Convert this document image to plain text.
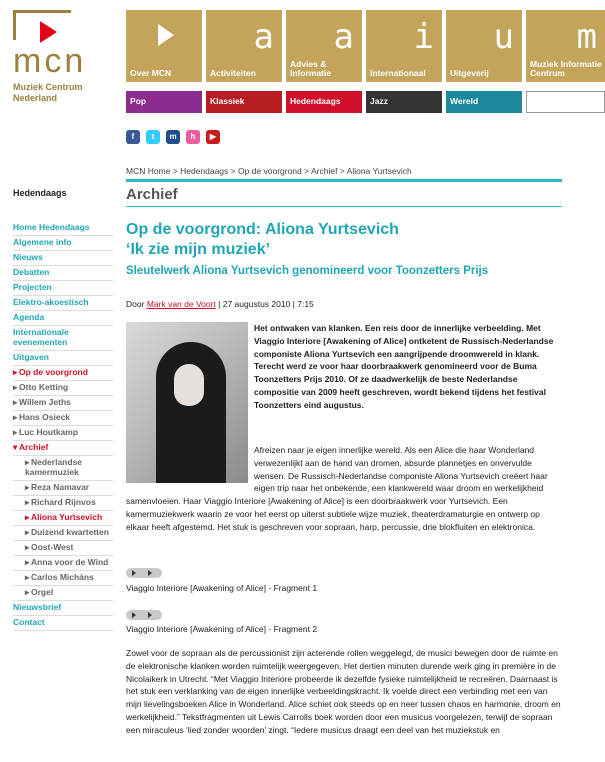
mcn
Muziek Centrum
Nederland
Over MCN
a
Activiteiten
a
Advies & Informatie
i
Internationaal
u
Uitgeverij
m
Muziek Informatie Centrum
Pop	Klassiek	Hedendaags	Jazz	Wereld
f	t	m	h	▶
MCN Home > Hedendaags > Op de voorgrond > Archief > Aliona Yurtsevich
Archief
Hedendaags
Home Hedendaags
Algemene info
Nieuws
Debatten
Projecten
Elektro-akoestisch
Agenda
Internationale evenementen
Uitgaven
▸ Op de voorgrond
▸ Otto Ketting
▸ Willem Jeths
▸ Hans Osieck
▸ Luc Houtkamp
▾ Archief
▸ Nederlandse kamermuziek
▸ Reza Namavar
▸ Richard Rijnvos
▸ Aliona Yurtsevich
▸ Duizend kwartetten
▸ Oost-West
▸ Anna voor de Wind
▸ Carlos Micháns
▸ Orgel
Nieuwsbrief
Contact
Op de voorgrond: Aliona Yurtsevich
‘Ik zie mijn muziek’
Sleutelwerk Aliona Yurtsevich genomineerd voor Toonzetters Prijs
Door Mark van de Voort | 27 augustus 2010 | 7:15
Het ontwaken van klanken. Een reis door de innerlijke verbeelding. Met Viaggio Interiore [Awakening of Alice] ontketent de Russisch-Nederlandse componiste Aliona Yurtsevich een aangrijpende droomwereld in klank. Terecht werd ze voor haar doorbraakwerk genomineerd voor de Buma Toonzetters Prijs 2010. Of ze daadwerkelijk de beste Nederlandse compositie van 2009 heeft geschreven, wordt bekend tijdens het festival Toonzetters eind augustus.
Afreizen naar je eigen innerlijke wereld. Als een Alice die haar Wonderland verwezenlijkt aan de hand van dromen, absurde plannetjes en onvervulde wensen. De Russisch-Nederlandse componiste Aliona Yurtsevich creëert haar eigen trip naar het onbekende, een klankwereld waar droom en werkelijkheid samenvloeien. Haar Viaggio Interiore [Awakening of Alice] is een doorbraakwerk voor Yurtsevich. Een kamermuziekwerk waarin ze voor het eerst op uiterst subtiele wijze muziek, theaterdramaturgie en ontwerp op elkaar heeft afgestemd. Het stuk is geschreven voor sopraan, harp, percussie, drie blokfluiten en elektronica.
Viaggio Interiore [Awakening of Alice] - Fragment 1
Viaggio Interiore [Awakening of Alice] - Fragment 2
Zowel voor de sopraan als de percussionist zijn acterende rollen weggelegd, de musici bewegen door de ruimte en de elektronische klanken worden ruimtelijk weergegeven. Het dertien minuten durende werk ging in première in de Nicolaikerk in Utrecht. “Met Viaggio Interiore probeerde ik dezelfde fysieke ruimtelijkheid te recreëren. Daarnaast is het stuk een verklanking van de eigen innerlijke verbeeldingskracht. Ik voelde direct een verbinding met een van mijn lievelingsboeken Alice in Wonderland. Alice schiet ook steeds op en neer tussen chaos en harmonie, droom en werkelijkheid.” Tekstfragmenten uit Lewis Carrolls boek worden door een musicus voorgelezen, terwijl de sopraan een miraculeus ‘lied zonder woorden’ zingt. “Iedere musicus draagt een deel van het muziekstuk en
